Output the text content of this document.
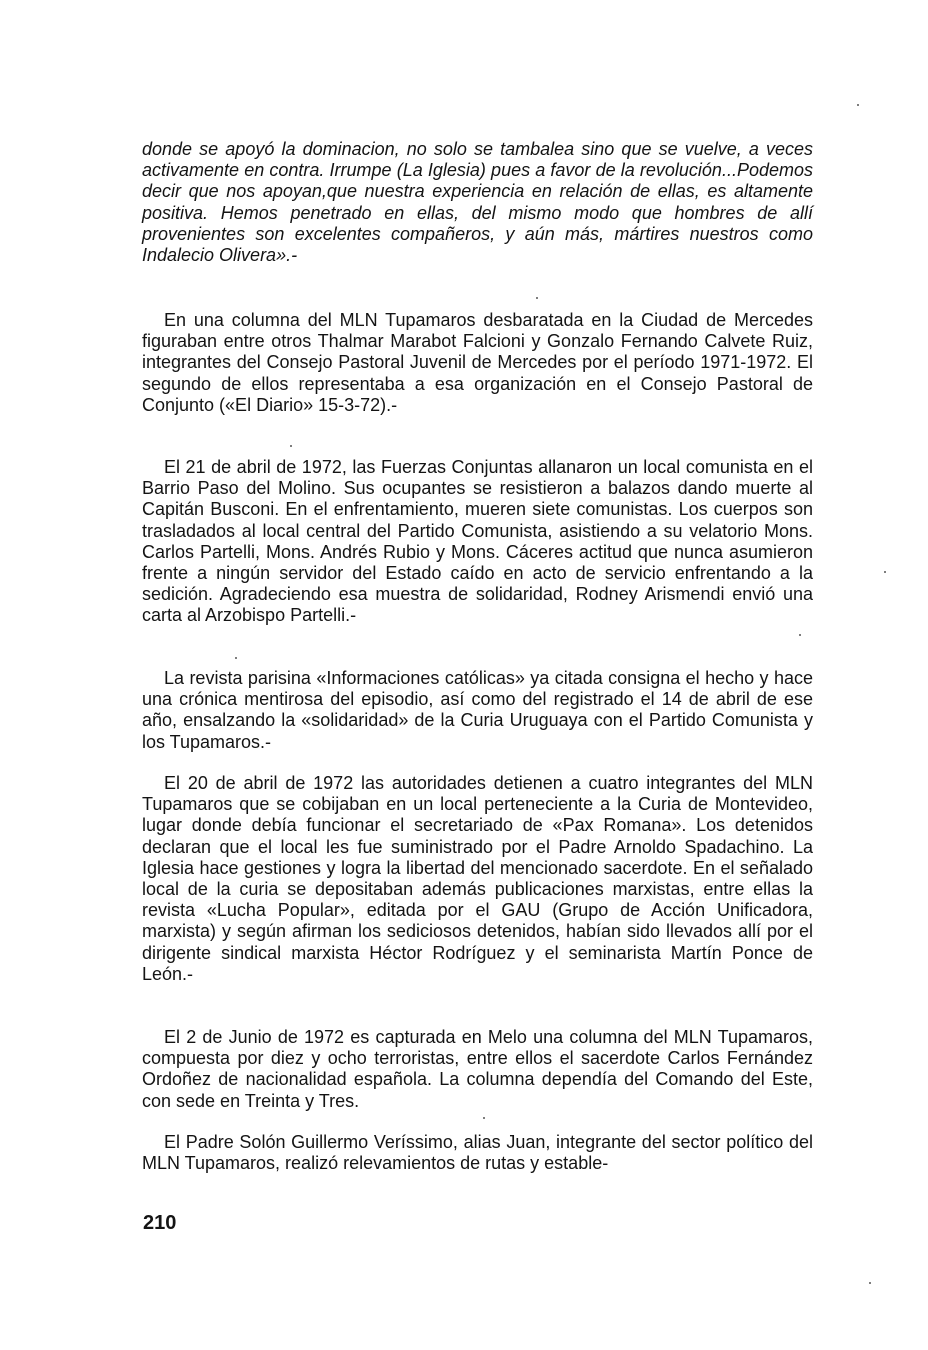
donde se apoyó la dominacion, no solo se tambalea sino que se vuelve, a veces activamente en contra. Irrumpe (La Iglesia) pues a favor de la revolución...Podemos decir que nos apoyan,que nuestra experiencia en relación de ellas, es altamente positiva. Hemos penetrado en ellas, del mismo modo que hombres de allí provenientes son excelentes compañeros, y aún más, mártires nuestros como Indalecio Olivera».-

En una columna del MLN Tupamaros desbaratada en la Ciudad de Mercedes figuraban entre otros Thalmar Marabot Falcioni y Gonzalo Fernando Calvete Ruiz, integrantes del Consejo Pastoral Juvenil de Mercedes por el período 1971-1972. El segundo de ellos representaba a esa organización en el Consejo Pastoral de Conjunto («El Diario» 15-3-72).-

El 21 de abril de 1972, las Fuerzas Conjuntas allanaron un local comunista en el Barrio Paso del Molino. Sus ocupantes se resistieron a balazos dando muerte al Capitán Busconi. En el enfrentamiento, mueren siete comunistas. Los cuerpos son trasladados al local central del Partido Comunista, asistiendo a su velatorio Mons. Carlos Partelli, Mons. Andrés Rubio y Mons. Cáceres actitud que nunca asumieron frente a ningún servidor del Estado caído en acto de servicio enfrentando a la sedición. Agradeciendo esa muestra de solidaridad, Rodney Arismendi envió una carta al Arzobispo Partelli.-

La revista parisina «Informaciones católicas» ya citada consigna el hecho y hace una crónica mentirosa del episodio, así como del registrado el 14 de abril de ese año, ensalzando la «solidaridad» de la Curia Uruguaya con el Partido Comunista y los Tupamaros.-

El 20 de abril de 1972 las autoridades detienen a cuatro integrantes del MLN Tupamaros que se cobijaban en un local perteneciente a la Curia de Montevideo, lugar donde debía funcionar el secretariado de «Pax Romana». Los detenidos declaran que el local les fue suministrado por el Padre Arnoldo Spadachino. La Iglesia hace gestiones y logra la libertad del mencionado sacerdote. En el señalado local de la curia se depositaban además publicaciones marxistas, entre ellas la revista «Lucha Popular», editada por el GAU (Grupo de Acción Unificadora, marxista) y según afirman los sediciosos detenidos, habían sido llevados allí por el dirigente sindical marxista Héctor Rodríguez y el seminarista Martín Ponce de León.-

El 2 de Junio de 1972 es capturada en Melo una columna del MLN Tupamaros, compuesta por diez y ocho terroristas, entre ellos el sacerdote Carlos Fernández Ordoñez de nacionalidad española. La columna dependía del Comando del Este, con sede en Treinta y Tres.

El Padre Solón Guillermo Veríssimo, alias Juan, integrante del sector político del MLN Tupamaros, realizó relevamientos de rutas y estable-

210
